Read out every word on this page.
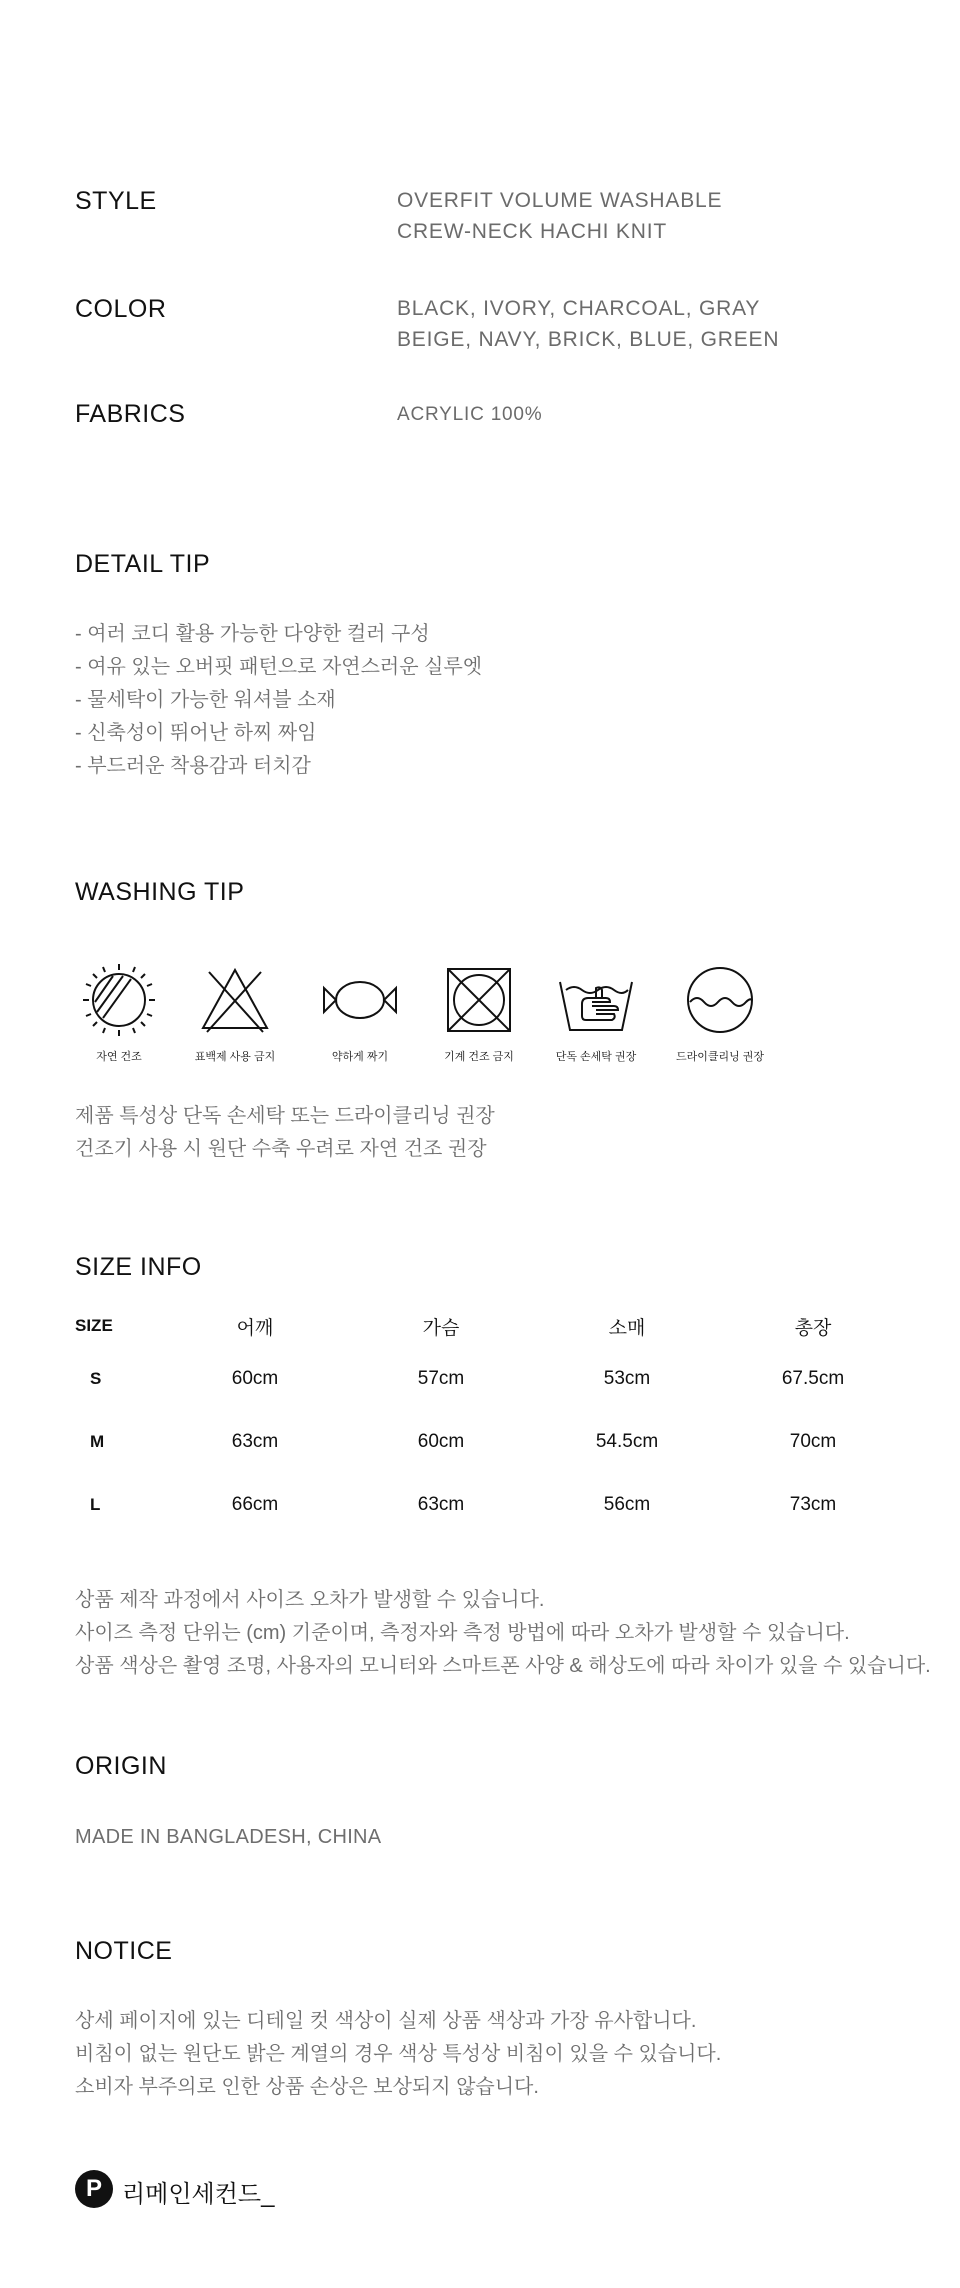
STYLE	OVERFIT VOLUME WASHABLE
CREW-NECK HACHI KNIT
COLOR	BLACK, IVORY, CHARCOAL, GRAY
BEIGE, NAVY, BRICK, BLUE, GREEN
FABRICS	ACRYLIC 100%
DETAIL TIP
- 여러 코디 활용 가능한 다양한 컬러 구성
- 여유 있는 오버핏 패턴으로 자연스러운 실루엣
- 물세탁이 가능한 워셔블 소재
- 신축성이 뛰어난 하찌 짜임
- 부드러운 착용감과 터치감
WASHING TIP
자연 건조	표백제 사용 금지	약하게 짜기	기계 건조 금지	단독 손세탁 권장	드라이클리닝 권장
제품 특성상 단독 손세탁 또는 드라이클리닝 권장
건조기 사용 시 원단 수축 우려로 자연 건조 권장
SIZE INFO
SIZE	어깨	가슴	소매	총장
S	60cm	57cm	53cm	67.5cm
M	63cm	60cm	54.5cm	70cm
L	66cm	63cm	56cm	73cm
상품 제작 과정에서 사이즈 오차가 발생할 수 있습니다.
사이즈 측정 단위는 (cm) 기준이며, 측정자와 측정 방법에 따라 오차가 발생할 수 있습니다.
상품 색상은 촬영 조명, 사용자의 모니터와 스마트폰 사양 & 해상도에 따라 차이가 있을 수 있습니다.
ORIGIN
MADE IN BANGLADESH, CHINA
NOTICE
상세 페이지에 있는 디테일 컷 색상이 실제 상품 색상과 가장 유사합니다.
비침이 없는 원단도 밝은 계열의 경우 색상 특성상 비침이 있을 수 있습니다.
소비자 부주의로 인한 상품 손상은 보상되지 않습니다.
P 리메인세컨드_
